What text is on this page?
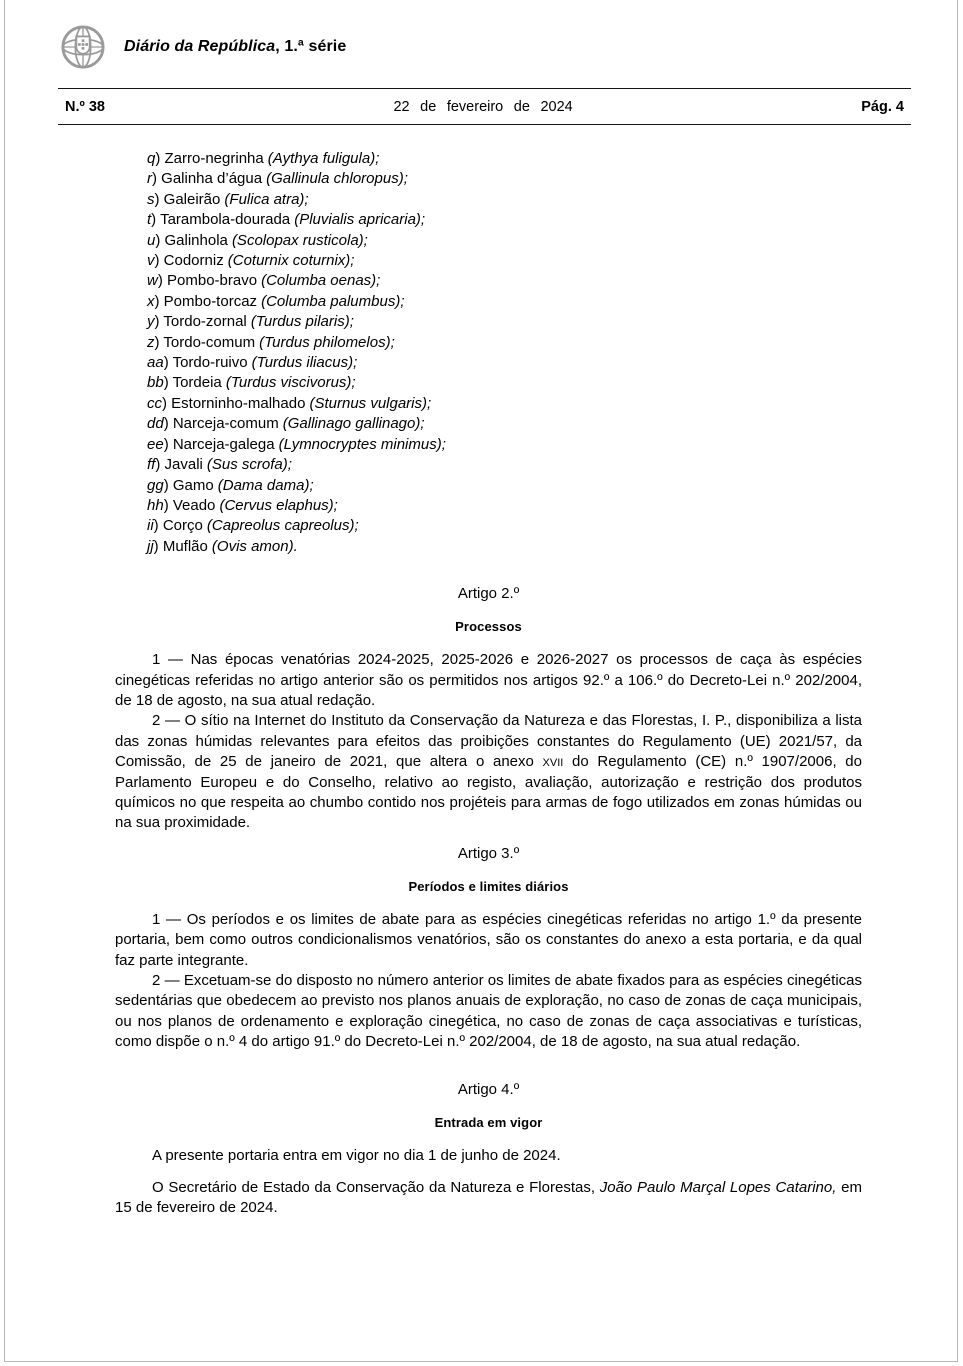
Diário da República, 1.ª série
N.º 38	22 de fevereiro de 2024	Pág. 4
q) Zarro-negrinha (Aythya fuligula);
r) Galinha d’água (Gallinula chloropus);
s) Galeirão (Fulica atra);
t) Tarambola-dourada (Pluvialis apricaria);
u) Galinhola (Scolopax rusticola);
v) Codorniz (Coturnix coturnix);
w) Pombo-bravo (Columba oenas);
x) Pombo-torcaz (Columba palumbus);
y) Tordo-zornal (Turdus pilaris);
z) Tordo-comum (Turdus philomelos);
aa) Tordo-ruivo (Turdus iliacus);
bb) Tordeia (Turdus viscivorus);
cc) Estorninho-malhado (Sturnus vulgaris);
dd) Narceja-comum (Gallinago gallinago);
ee) Narceja-galega (Lymnocryptes minimus);
ff) Javali (Sus scrofa);
gg) Gamo (Dama dama);
hh) Veado (Cervus elaphus);
ii) Corço (Capreolus capreolus);
jj) Muflão (Ovis amon).
Artigo 2.º
Processos

1 — Nas épocas venatórias 2024-2025, 2025-2026 e 2026-2027 os processos de caça às espécies cinegéticas referidas no artigo anterior são os permitidos nos artigos 92.º a 106.º do Decreto-Lei n.º 202/2004, de 18 de agosto, na sua atual redação.

2 — O sítio na Internet do Instituto da Conservação da Natureza e das Florestas, I. P., disponibiliza a lista das zonas húmidas relevantes para efeitos das proibições constantes do Regulamento (UE) 2021/57, da Comissão, de 25 de janeiro de 2021, que altera o anexo xvii do Regulamento (CE) n.º 1907/2006, do Parlamento Europeu e do Conselho, relativo ao registo, avaliação, autorização e restrição dos produtos químicos no que respeita ao chumbo contido nos projéteis para armas de fogo utilizados em zonas húmidas ou na sua proximidade.

Artigo 3.º
Períodos e limites diários

1 — Os períodos e os limites de abate para as espécies cinegéticas referidas no artigo 1.º da presente portaria, bem como outros condicionalismos venatórios, são os constantes do anexo a esta portaria, e da qual faz parte integrante.

2 — Excetuam-se do disposto no número anterior os limites de abate fixados para as espécies cinegéticas sedentárias que obedecem ao previsto nos planos anuais de exploração, no caso de zonas de caça municipais, ou nos planos de ordenamento e exploração cinegética, no caso de zonas de caça associativas e turísticas, como dispõe o n.º 4 do artigo 91.º do Decreto-Lei n.º 202/2004, de 18 de agosto, na sua atual redação.

Artigo 4.º
Entrada em vigor

A presente portaria entra em vigor no dia 1 de junho de 2024.

O Secretário de Estado da Conservação da Natureza e Florestas, João Paulo Marçal Lopes Catarino, em 15 de fevereiro de 2024.
